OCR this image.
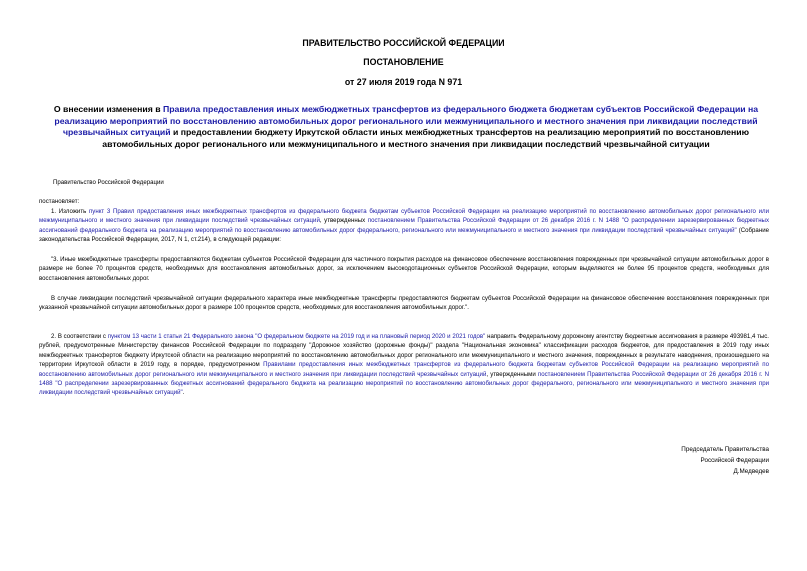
ПРАВИТЕЛЬСТВО РОССИЙСКОЙ ФЕДЕРАЦИИ
ПОСТАНОВЛЕНИЕ
от 27 июля 2019 года N 971
О внесении изменения в Правила предоставления иных межбюджетных трансфертов из федерального бюджета бюджетам субъектов Российской Федерации на реализацию мероприятий по восстановлению автомобильных дорог регионального или межмуниципального и местного значения при ликвидации последствий чрезвычайных ситуаций и предоставлении бюджету Иркутской области иных межбюджетных трансфертов на реализацию мероприятий по восстановлению автомобильных дорог регионального или межмуниципального и местного значения при ликвидации последствий чрезвычайной ситуации
Правительство Российской Федерации
постановляет:
1. Изложить пункт 3 Правил предоставления иных межбюджетных трансфертов из федерального бюджета бюджетам субъектов Российской Федерации на реализацию мероприятий по восстановлению автомобильных дорог регионального или межмуниципального и местного значения при ликвидации последствий чрезвычайных ситуаций, утвержденных постановлением Правительства Российской Федерации от 26 декабря 2016 г. N 1488 "О распределении зарезервированных бюджетных ассигнований федерального бюджета на реализацию мероприятий по восстановлению автомобильных дорог федерального, регионального или межмуниципального и местного значения при ликвидации последствий чрезвычайных ситуаций" (Собрание законодательства Российской Федерации, 2017, N 1, ст.214), в следующей редакции:
"3. Иные межбюджетные трансферты предоставляются бюджетам субъектов Российской Федерации для частичного покрытия расходов на финансовое обеспечение восстановления поврежденных при чрезвычайной ситуации автомобильных дорог в размере не более 70 процентов средств, необходимых для восстановления автомобильных дорог, за исключением высокодотационных субъектов Российской Федерации, которым выделяются не более 95 процентов средств, необходимых для восстановления автомобильных дорог.
В случае ликвидации последствий чрезвычайной ситуации федерального характера иные межбюджетные трансферты предоставляются бюджетам субъектов Российской Федерации на финансовое обеспечение восстановления поврежденных при указанной чрезвычайной ситуации автомобильных дорог в размере 100 процентов средств, необходимых для восстановления автомобильных дорог.".
2. В соответствии с пунктом 13 части 1 статьи 21 Федерального закона "О федеральном бюджете на 2019 год и на плановый период 2020 и 2021 годов" направить Федеральному дорожному агентству бюджетные ассигнования в размере 493981,4 тыс. рублей, предусмотренные Министерству финансов Российской Федерации по подразделу "Дорожное хозяйство (дорожные фонды)" раздела "Национальная экономика" классификации расходов бюджетов, для предоставления в 2019 году иных межбюджетных трансфертов бюджету Иркутской области на реализацию мероприятий по восстановлению автомобильных дорог регионального или межмуниципального и местного значения, поврежденных в результате наводнения, произошедшего на территории Иркутской области в 2019 году, в порядке, предусмотренном Правилами предоставления иных межбюджетных трансфертов из федерального бюджета бюджетам субъектов Российской Федерации на реализацию мероприятий по восстановлению автомобильных дорог регионального или межмуниципального и местного значения при ликвидации последствий чрезвычайных ситуаций, утвержденными постановлением Правительства Российской Федерации от 26 декабря 2016 г. N 1488 "О распределении зарезервированных бюджетных ассигнований федерального бюджета на реализацию мероприятий по восстановлению автомобильных дорог федерального, регионального или межмуниципального и местного значения при ликвидации последствий чрезвычайных ситуаций".
Председатель Правительства
Российской Федерации
Д.Медведев
